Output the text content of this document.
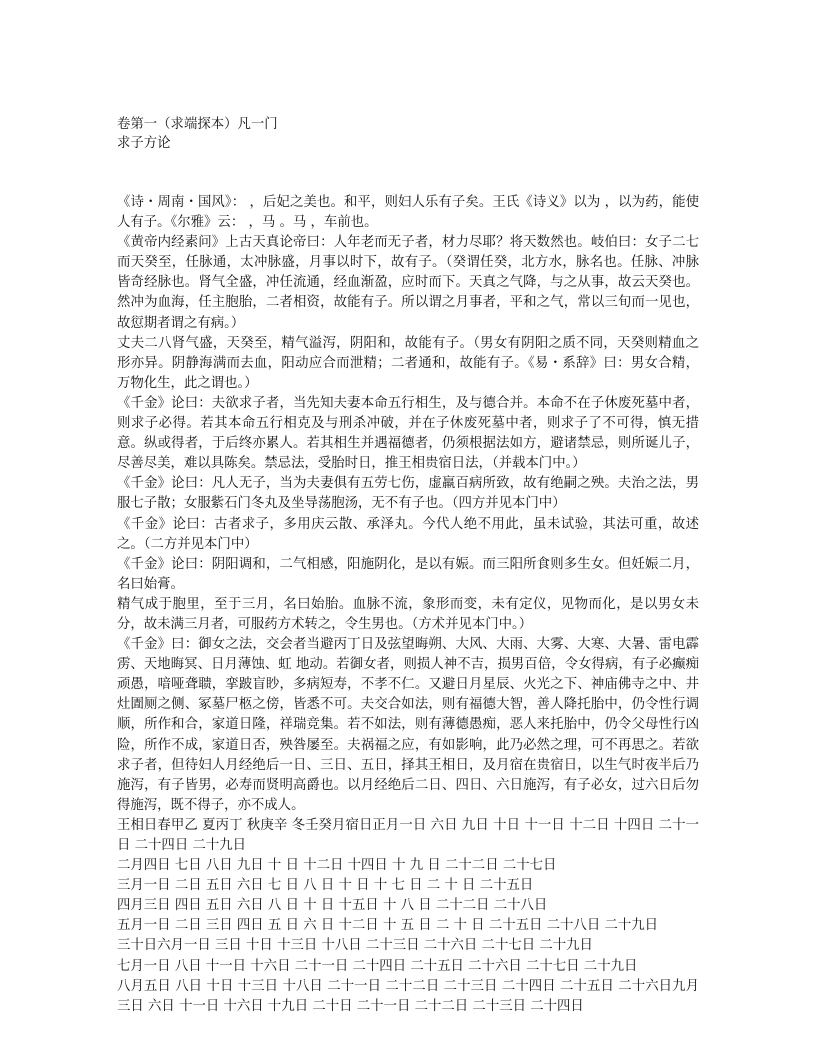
卷第一（求端探本）凡一门
求子方论

《诗・周南・国风》： ，后妃之美也。和平，则妇人乐有子矣。王氏《诗义》以为 ，以为药，能使人有子。《尔雅》云： ，马 。马 ，车前也。

《黄帝内经素问》上古天真论帝曰：人年老而无子者，材力尽耶？将天数然也。岐伯曰：女子二七而天癸至，任脉通，太冲脉盛，月事以时下，故有子。（癸谓任癸，北方水，脉名也。任脉、冲脉皆奇经脉也。肾气全盛，冲任流通，经血渐盈，应时而下。天真之气降，与之从事，故云天癸也。然冲为血海，任主胞胎，二者相资，故能有子。所以谓之月事者，平和之气，常以三旬而一见也，故愆期者谓之有病。）

丈夫二八肾气盛，天癸至，精气溢泻，阴阳和，故能有子。（男女有阴阳之质不同，天癸则精血之形亦异。阴静海满而去血，阳动应合而泄精；二者通和，故能有子。《易・系辞》曰：男女合精，万物化生，此之谓也。）

《千金》论曰：夫欲求子者，当先知夫妻本命五行相生，及与德合并。本命不在子休废死墓中者，则求子必得。若其本命五行相克及与刑杀冲破，并在子休废死墓中者，则求子了不可得，慎无措意。纵或得者，于后终亦累人。若其相生并遇福德者，仍须根据法如方，避诸禁忌，则所诞儿子，尽善尽美，难以具陈矣。禁忌法，受胎时日，推王相贵宿日法，（并载本门中。）

《千金》论曰：凡人无子，当为夫妻俱有五劳七伤，虚羸百病所致，故有绝嗣之殃。夫治之法，男服七子散；女服紫石门冬丸及坐导荡胞汤，无不有子也。（四方并见本门中）

《千金》论曰：古者求子，多用庆云散、承泽丸。今代人绝不用此，虽未试验，其法可重，故述之。（二方并见本门中）

《千金》论曰：阴阳调和，二气相感，阳施阴化，是以有娠。而三阳所食则多生女。但妊娠二月，名曰始膏。

精气成于胞里，至于三月，名曰始胎。血脉不流，象形而变，未有定仪，见物而化，是以男女未分，故未满三月者，可服药方术转之，令生男也。（方术并见本门中。）

《千金》曰：御女之法，交会者当避丙丁日及弦望晦朔、大风、大雨、大雾、大寒、大暑、雷电霹雳、天地晦冥、日月薄蚀、虹 地动。若御女者，则损人神不吉，损男百倍，令女得病，有子必癫痴顽愚，喑哑聋聩，挛跛盲眇，多病短寿，不孝不仁。又避日月星辰、火光之下、神庙佛寺之中、井灶圊厕之侧、冢墓尸柩之傍，皆悉不可。夫交合如法，则有福德大智，善人降托胎中，仍令性行调顺，所作和合，家道日隆，祥瑞竞集。若不如法，则有薄德愚痴，恶人来托胎中，仍令父母性行凶险，所作不成，家道日否，殃咎屡至。夫祸福之应，有如影响，此乃必然之理，可不再思之。若欲求子者，但待妇人月经绝后一日、三日、五日，择其王相日，及月宿在贵宿日，以生气时夜半后乃施泻，有子皆男，必寿而贤明高爵也。以月经绝后二日、四日、六日施泻，有子必女，过六日后勿得施泻，既不得子，亦不成人。

王相日春甲乙 夏丙丁 秋庚辛 冬壬癸月宿日正月一日 六日 九日 十日 十一日 十二日 十四日 二十一日 二十四日 二十九日

二月四日 七日 八日 九日 十 日 十二日 十四日 十 九 日 二十二日 二十七日

三月一日 二日 五日 六日 七 日 八 日 十 日 十 七 日 二 十 日 二十五日

四月三日 四日 五日 六日 八 日 十 日 十五日 十 八 日 二十二日 二十八日

五月一日 二日 三日 四日 五 日 六 日 十二日 十 五 日 二 十 日 二十五日 二十八日 二十九日

三十日六月一日 三日 十日 十三日 十八日 二十三日 二十六日 二十七日 二十九日

七月一日 八日 十一日 十六日 二十一日 二十四日 二十五日 二十六日 二十七日 二十九日

八月五日 八日 十日 十三日 十八日 二十一日 二十二日 二十三日 二十四日 二十五日 二十六日九月三日 六日 十一日 十六日 十九日 二十日 二十一日 二十二日 二十三日 二十四日
